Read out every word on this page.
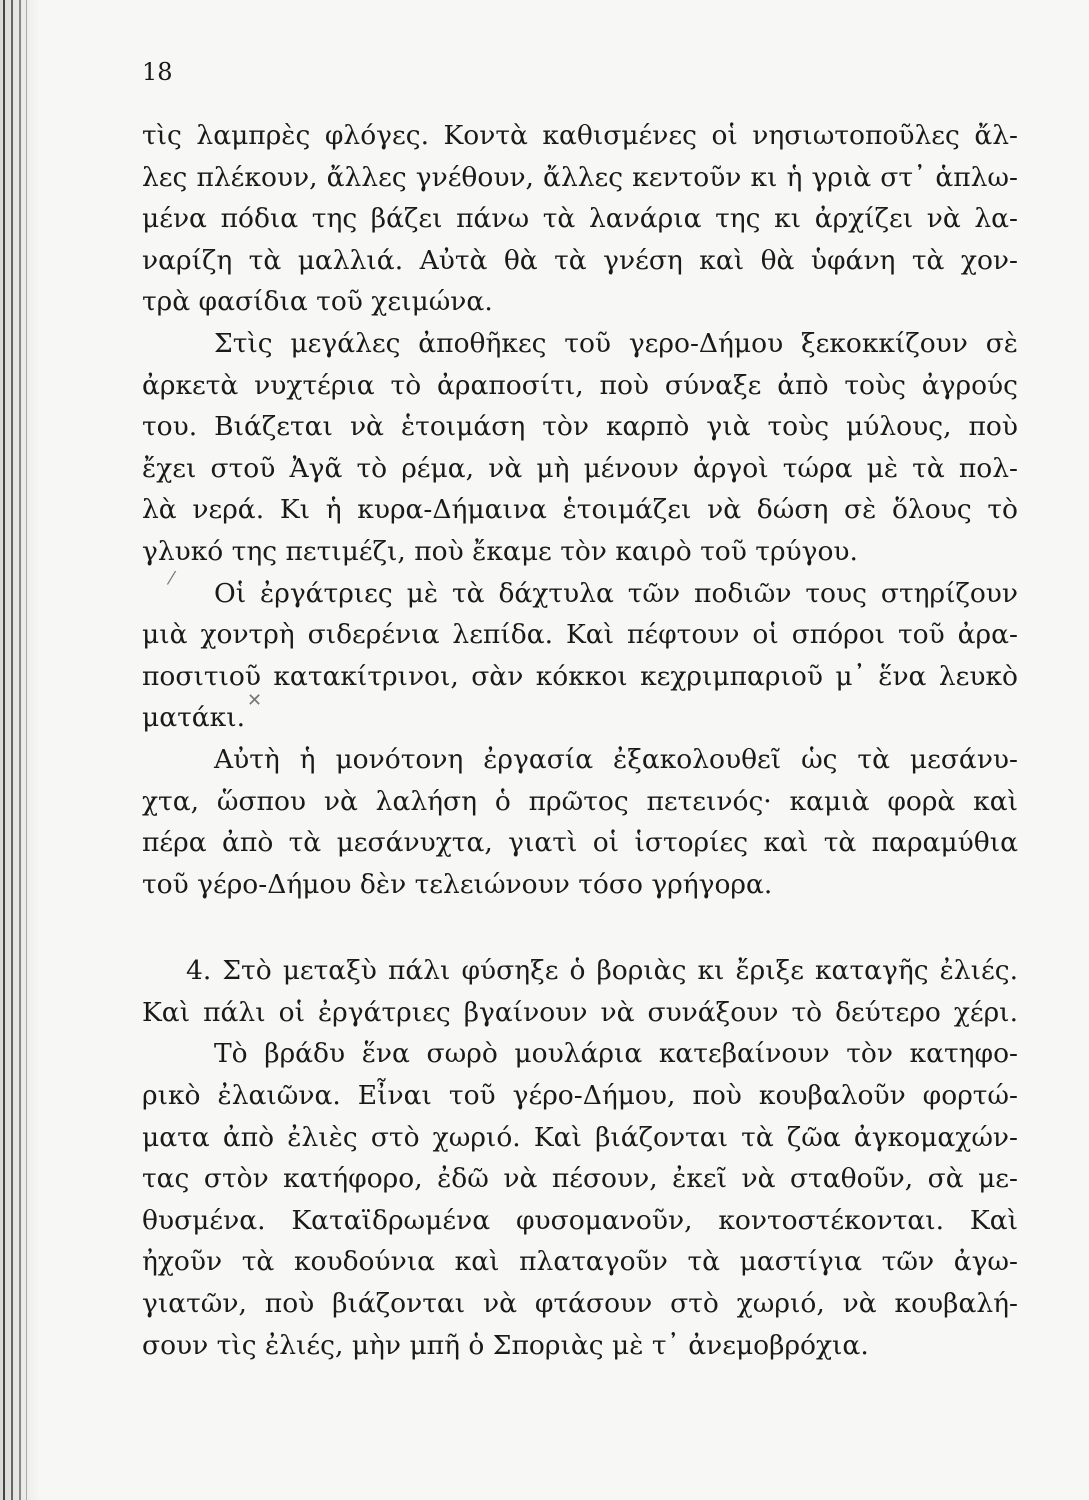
18
τὶς λαμπρὲς φλόγες. Κοντὰ καθισμένες οἱ νησιωτοποῦλες ἄλ-
λες πλέκουν, ἄλλες γνέθουν, ἄλλες κεντοῦν κι ἡ γριὰ στ᾽ ἁπλω-
μένα πόδια της βάζει πάνω τὰ λανάρια της κι ἀρχίζει νὰ λα-
ναρίζη τὰ μαλλιά. Αὐτὰ θὰ τὰ γνέση καὶ θὰ ὑφάνη τὰ χον-
τρὰ φασίδια τοῦ χειμώνα.
Στὶς μεγάλες ἀποθῆκες τοῦ γερο-Δήμου ξεκοκκίζουν σὲ
ἀρκετὰ νυχτέρια τὸ ἀραποσίτι, ποὺ σύναξε ἀπὸ τοὺς ἀγρούς
του. Βιάζεται νὰ ἑτοιμάση τὸν καρπὸ γιὰ τοὺς μύλους, ποὺ
ἔχει στοῦ Ἀγᾶ τὸ ρέμα, νὰ μὴ μένουν ἀργοὶ τώρα μὲ τὰ πολ-
λὰ νερά. Κι ἡ κυρα-Δήμαινα ἑτοιμάζει νὰ δώση σὲ ὅλους τὸ
γλυκό της πετιμέζι, ποὺ ἔκαμε τὸν καιρὸ τοῦ τρύγου.
Οἱ ἐργάτριες μὲ τὰ δάχτυλα τῶν ποδιῶν τους στηρίζουν
μιὰ χοντρὴ σιδερένια λεπίδα. Καὶ πέφτουν οἱ σπόροι τοῦ ἀρα-
ποσιτιοῦ κατακίτρινοι, σὰν κόκκοι κεχριμπαριοῦ μ᾽ ἕνα λευκὸ
ματάκι.
Αὐτὴ ἡ μονότονη ἐργασία ἐξακολουθεῖ ὡς τὰ μεσάνυ-
χτα, ὥσπου νὰ λαλήση ὁ πρῶτος πετεινός· καμιὰ φορὰ καὶ
πέρα ἀπὸ τὰ μεσάνυχτα, γιατὶ οἱ ἱστορίες καὶ τὰ παραμύθια
τοῦ γέρο-Δήμου δὲν τελειώνουν τόσο γρήγορα.
4. Στὸ μεταξὺ πάλι φύσηξε ὁ βοριὰς κι ἔριξε καταγῆς ἐλιές.
Καὶ πάλι οἱ ἐργάτριες βγαίνουν νὰ συνάξουν τὸ δεύτερο χέρι.
Τὸ βράδυ ἕνα σωρὸ μουλάρια κατεβαίνουν τὸν κατηφο-
ρικὸ ἐλαιῶνα. Εἶναι τοῦ γέρο-Δήμου, ποὺ κουβαλοῦν φορτώ-
ματα ἀπὸ ἐλιὲς στὸ χωριό. Καὶ βιάζονται τὰ ζῶα ἀγκομαχών-
τας στὸν κατήφορο, ἐδῶ νὰ πέσουν, ἐκεῖ νὰ σταθοῦν, σὰ με-
θυσμένα. Καταϊδρωμένα φυσομανοῦν, κοντοστέκονται. Καὶ
ἠχοῦν τὰ κουδούνια καὶ πλαταγοῦν τὰ μαστίγια τῶν ἀγω-
γιατῶν, ποὺ βιάζονται νὰ φτάσουν στὸ χωριό, νὰ κουβαλή-
σουν τὶς ἐλιές, μὴν μπῆ ὁ Σποριὰς μὲ τ᾽ ἀνεμοβρόχια.
⁄
✕
